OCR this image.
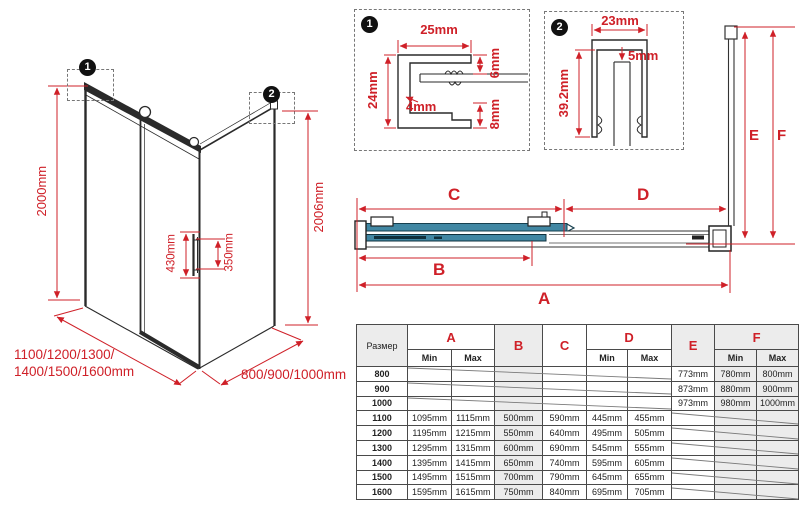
1
2
1	2
2000mm	2006mm
430mm	350mm
1100/1200/1300/
1400/1500/1600mm	800/900/1000mm
25mm
24mm
6mm
8mm
4mm
23mm
5mm
39.2mm
C	D
B
A
E F
Размер	A		B	C	D		E	F	
	Min	Max			Min	Max		Min	Max
800							773mm	780mm	800mm
900							873mm	880mm	900mm
1000							973mm	980mm	1000mm
1100	1095mm	1115mm	500mm	590mm	445mm	455mm			
1200	1195mm	1215mm	550mm	640mm	495mm	505mm			
1300	1295mm	1315mm	600mm	690mm	545mm	555mm			
1400	1395mm	1415mm	650mm	740mm	595mm	605mm			
1500	1495mm	1515mm	700mm	790mm	645mm	655mm			
1600	1595mm	1615mm	750mm	840mm	695mm	705mm			
